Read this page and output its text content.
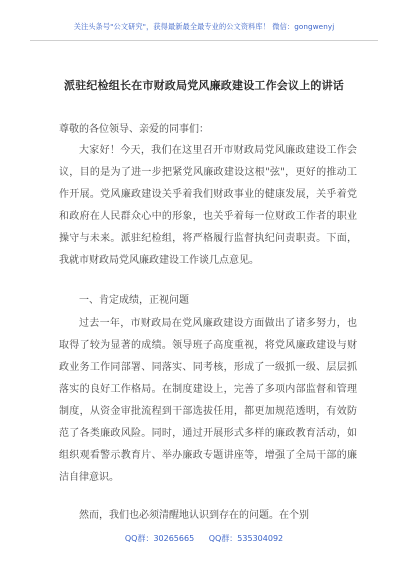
关注头条号"公文研究"，获得最新最全最专业的公文资料库！ 微信：gongwenyj
派驻纪检组长在市财政局党风廉政建设工作会议上的讲话
尊敬的各位领导、亲爱的同事们：

大家好！今天，我们在这里召开市财政局党风廉政建设工作会议，目的是为了进一步把紧党风廉政建设这根"弦"，更好的推动工作开展。党风廉政建设关乎着我们财政事业的健康发展，关乎着党和政府在人民群众心中的形象，也关乎着每一位财政工作者的职业操守与未来。派驻纪检组，将严格履行监督执纪问责职责。下面，我就市财政局党风廉政建设工作谈几点意见。

一、肯定成绩，正视问题

过去一年，市财政局在党风廉政建设方面做出了诸多努力，也取得了较为显著的成绩。领导班子高度重视，将党风廉政建设与财政业务工作同部署、同落实、同考核，形成了一级抓一级、层层抓落实的良好工作格局。在制度建设上，完善了多项内部监督和管理制度，从资金审批流程到干部选拔任用，都更加规范透明，有效防范了各类廉政风险。同时，通过开展形式多样的廉政教育活动，如组织观看警示教育片、举办廉政专题讲座等，增强了全局干部的廉洁自律意识。

然而，我们也必须清醒地认识到存在的问题。在个别

QQ群：30265665 QQ群：535304092
